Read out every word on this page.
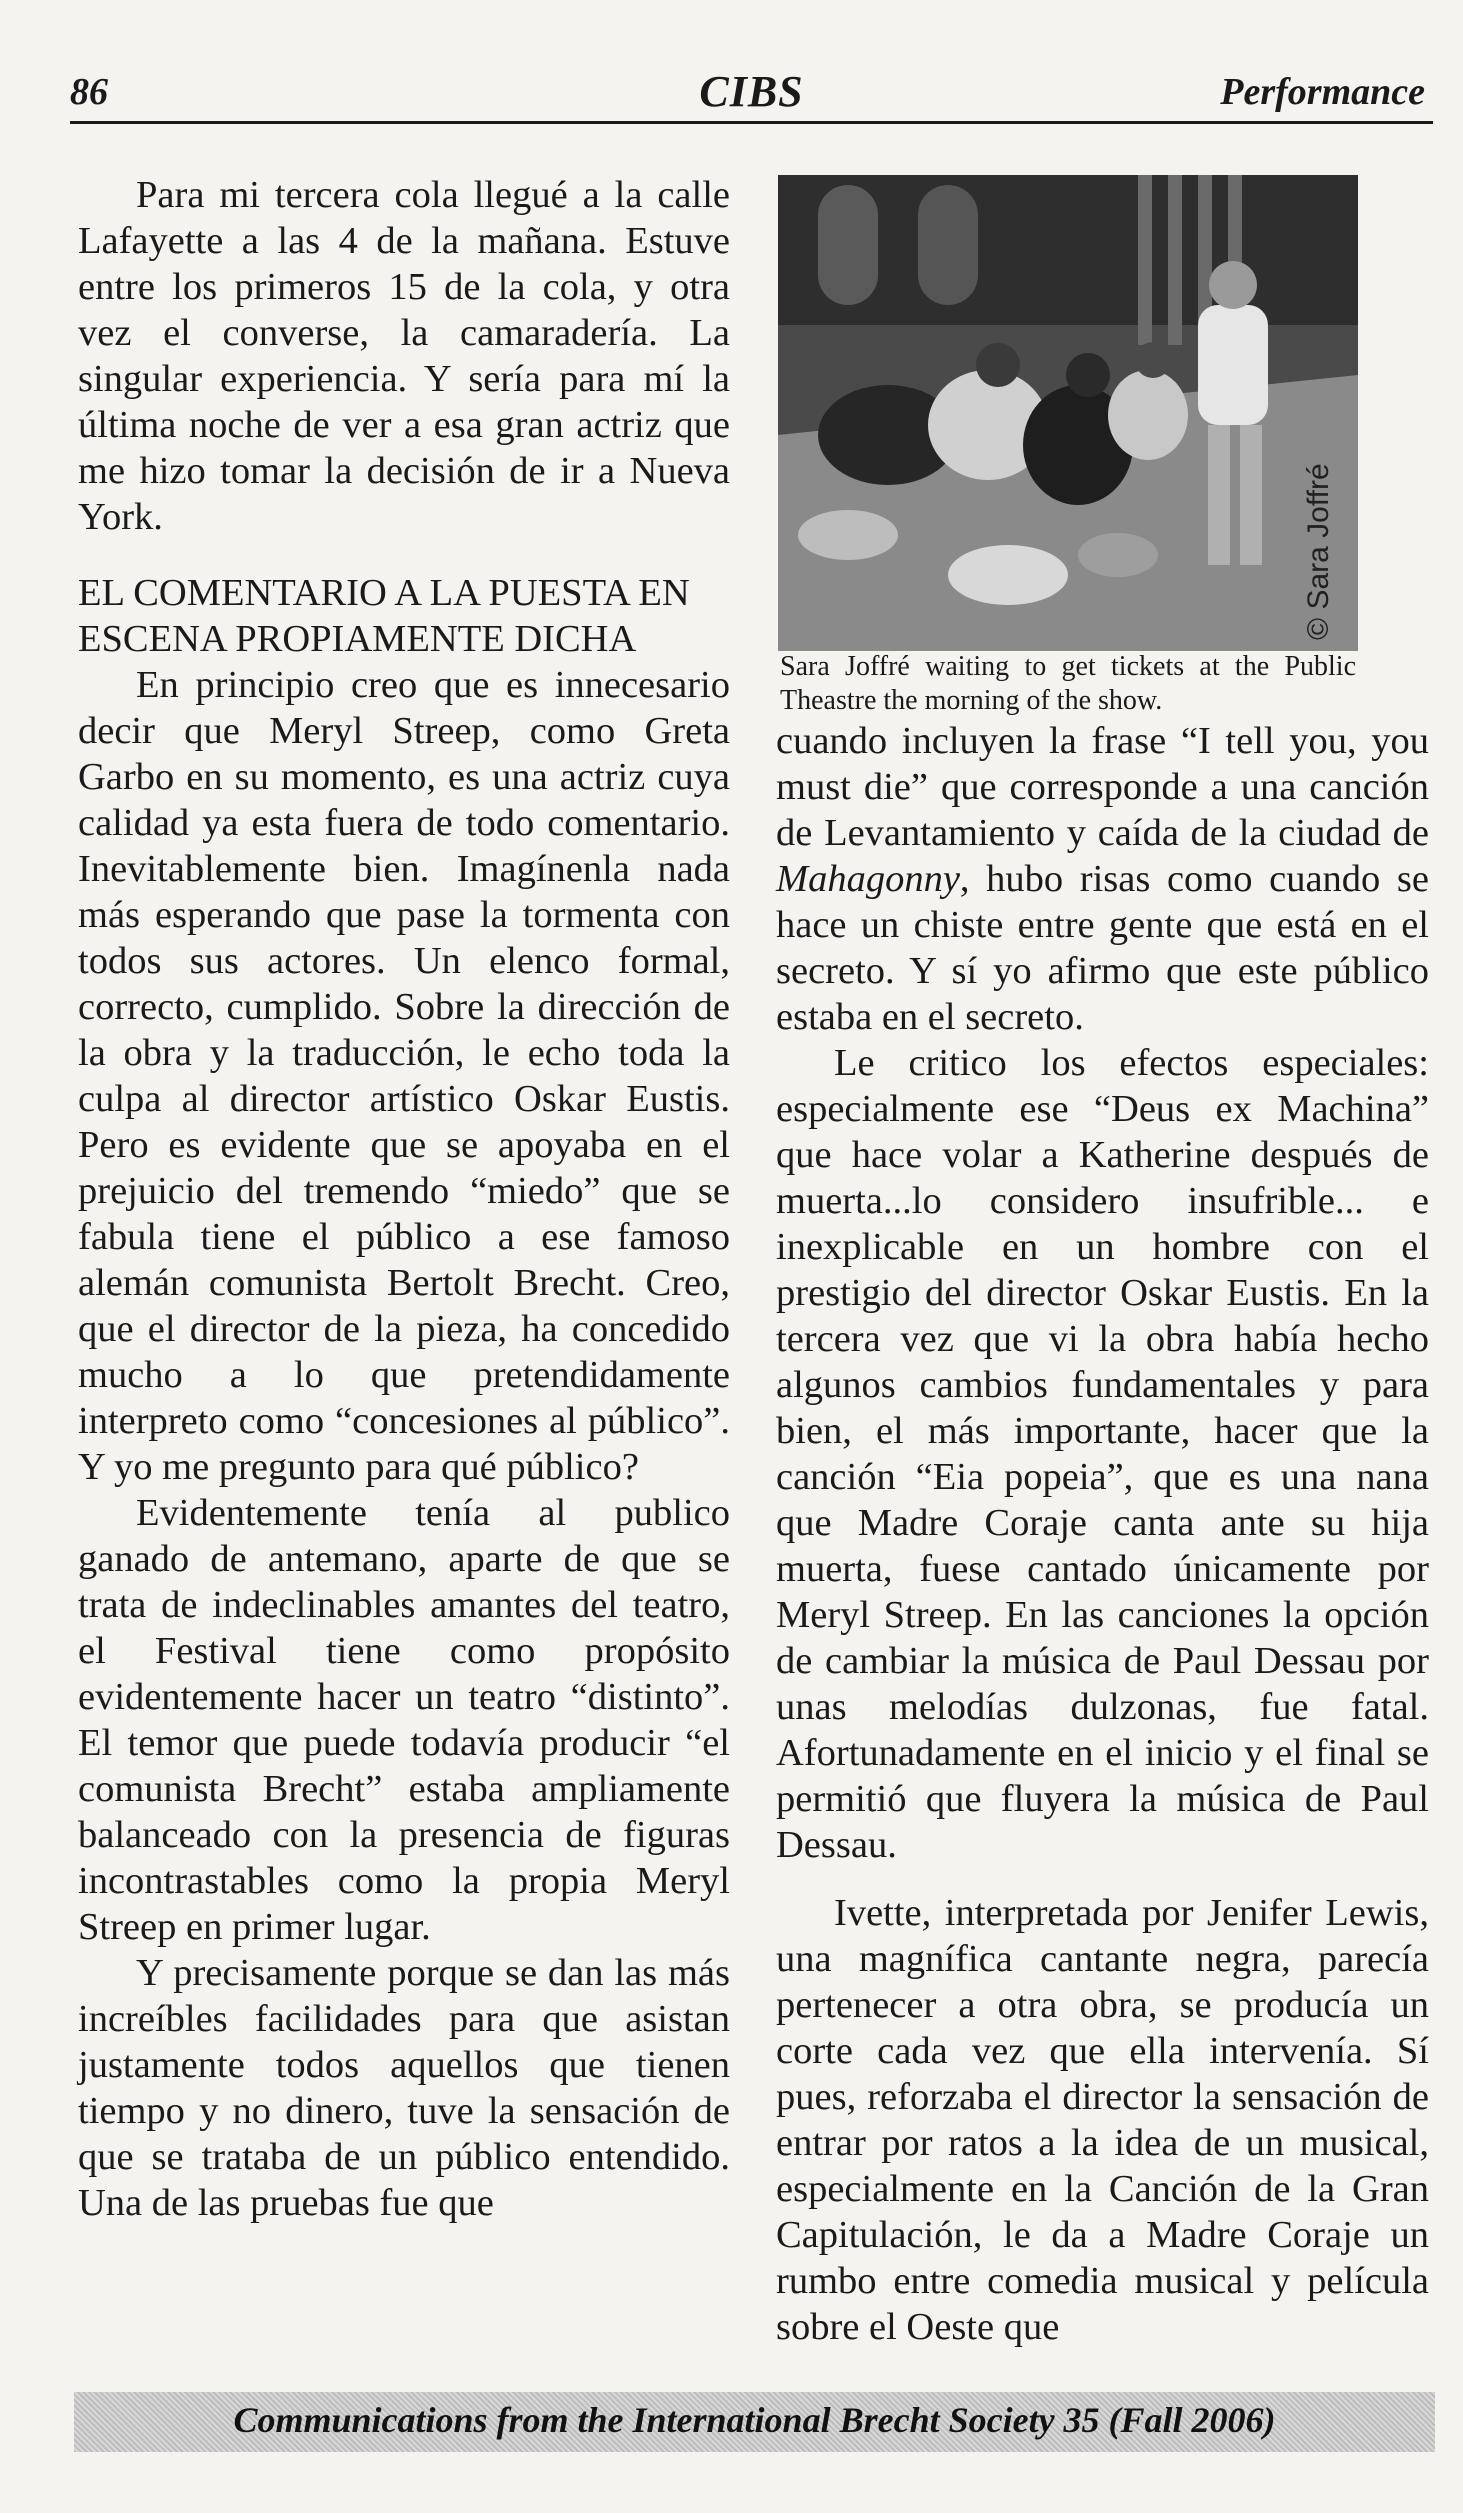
86	CIBS	Performance

Para mi tercera cola llegué a la calle Lafayette a las 4 de la mañana. Estuve entre los primeros 15 de la cola, y otra vez el converse, la camaradería. La singular experiencia. Y sería para mí la última noche de ver a esa gran actriz que me hizo tomar la decisión de ir a Nueva York.

EL COMENTARIO A LA PUESTA EN ESCENA PROPIAMENTE DICHA

En principio creo que es innecesario decir que Meryl Streep, como Greta Garbo en su momento, es una actriz cuya calidad ya esta fuera de todo comentario. Inevitablemente bien. Imagínenla nada más esperando que pase la tormenta con todos sus actores. Un elenco formal, correcto, cumplido. Sobre la dirección de la obra y la traducción, le echo toda la culpa al director artístico Oskar Eustis. Pero es evidente que se apoyaba en el prejuicio del tremendo “miedo” que se fabula tiene el público a ese famoso alemán comunista Bertolt Brecht. Creo, que el director de la pieza, ha concedido mucho a lo que pretendidamente interpreto como “concesiones al público”. Y yo me pregunto para qué público?

Evidentemente tenía al publico ganado de antemano, aparte de que se trata de indeclinables amantes del teatro, el Festival tiene como propósito evidentemente hacer un teatro “distinto”. El temor que puede todavía producir “el comunista Brecht” estaba ampliamente balanceado con la presencia de figuras incontrastables como la propia Meryl Streep en primer lugar.

Y precisamente porque se dan las más increíbles facilidades para que asistan justamente todos aquellos que tienen tiempo y no dinero, tuve la sensación de que se trataba de un público entendido. Una de las pruebas fue que

© Sara Joffré
Sara Joffré waiting to get tickets at the Public Theastre the morning of the show.

cuando incluyen la frase “I tell you, you must die” que corresponde a una canción de Levantamiento y caída de la ciudad de Mahagonny, hubo risas como cuando se hace un chiste entre gente que está en el secreto. Y sí yo afirmo que este público estaba en el secreto.

Le critico los efectos especiales: especialmente ese “Deus ex Machina” que hace volar a Katherine después de muerta...lo considero insufrible... e inexplicable en un hombre con el prestigio del director Oskar Eustis. En la tercera vez que vi la obra había hecho algunos cambios fundamentales y para bien, el más importante, hacer que la canción “Eia popeia”, que es una nana que Madre Coraje canta ante su hija muerta, fuese cantado únicamente por Meryl Streep. En las canciones la opción de cambiar la música de Paul Dessau por unas melodías dulzonas, fue fatal. Afortunadamente en el inicio y el final se permitió que fluyera la música de Paul Dessau.

Ivette, interpretada por Jenifer Lewis, una magnífica cantante negra, parecía pertenecer a otra obra, se producía un corte cada vez que ella intervenía. Sí pues, reforzaba el director la sensación de entrar por ratos a la idea de un musical, especialmente en la Canción de la Gran Capitulación, le da a Madre Coraje un rumbo entre comedia musical y película sobre el Oeste que

Communications from the International Brecht Society 35 (Fall 2006)
